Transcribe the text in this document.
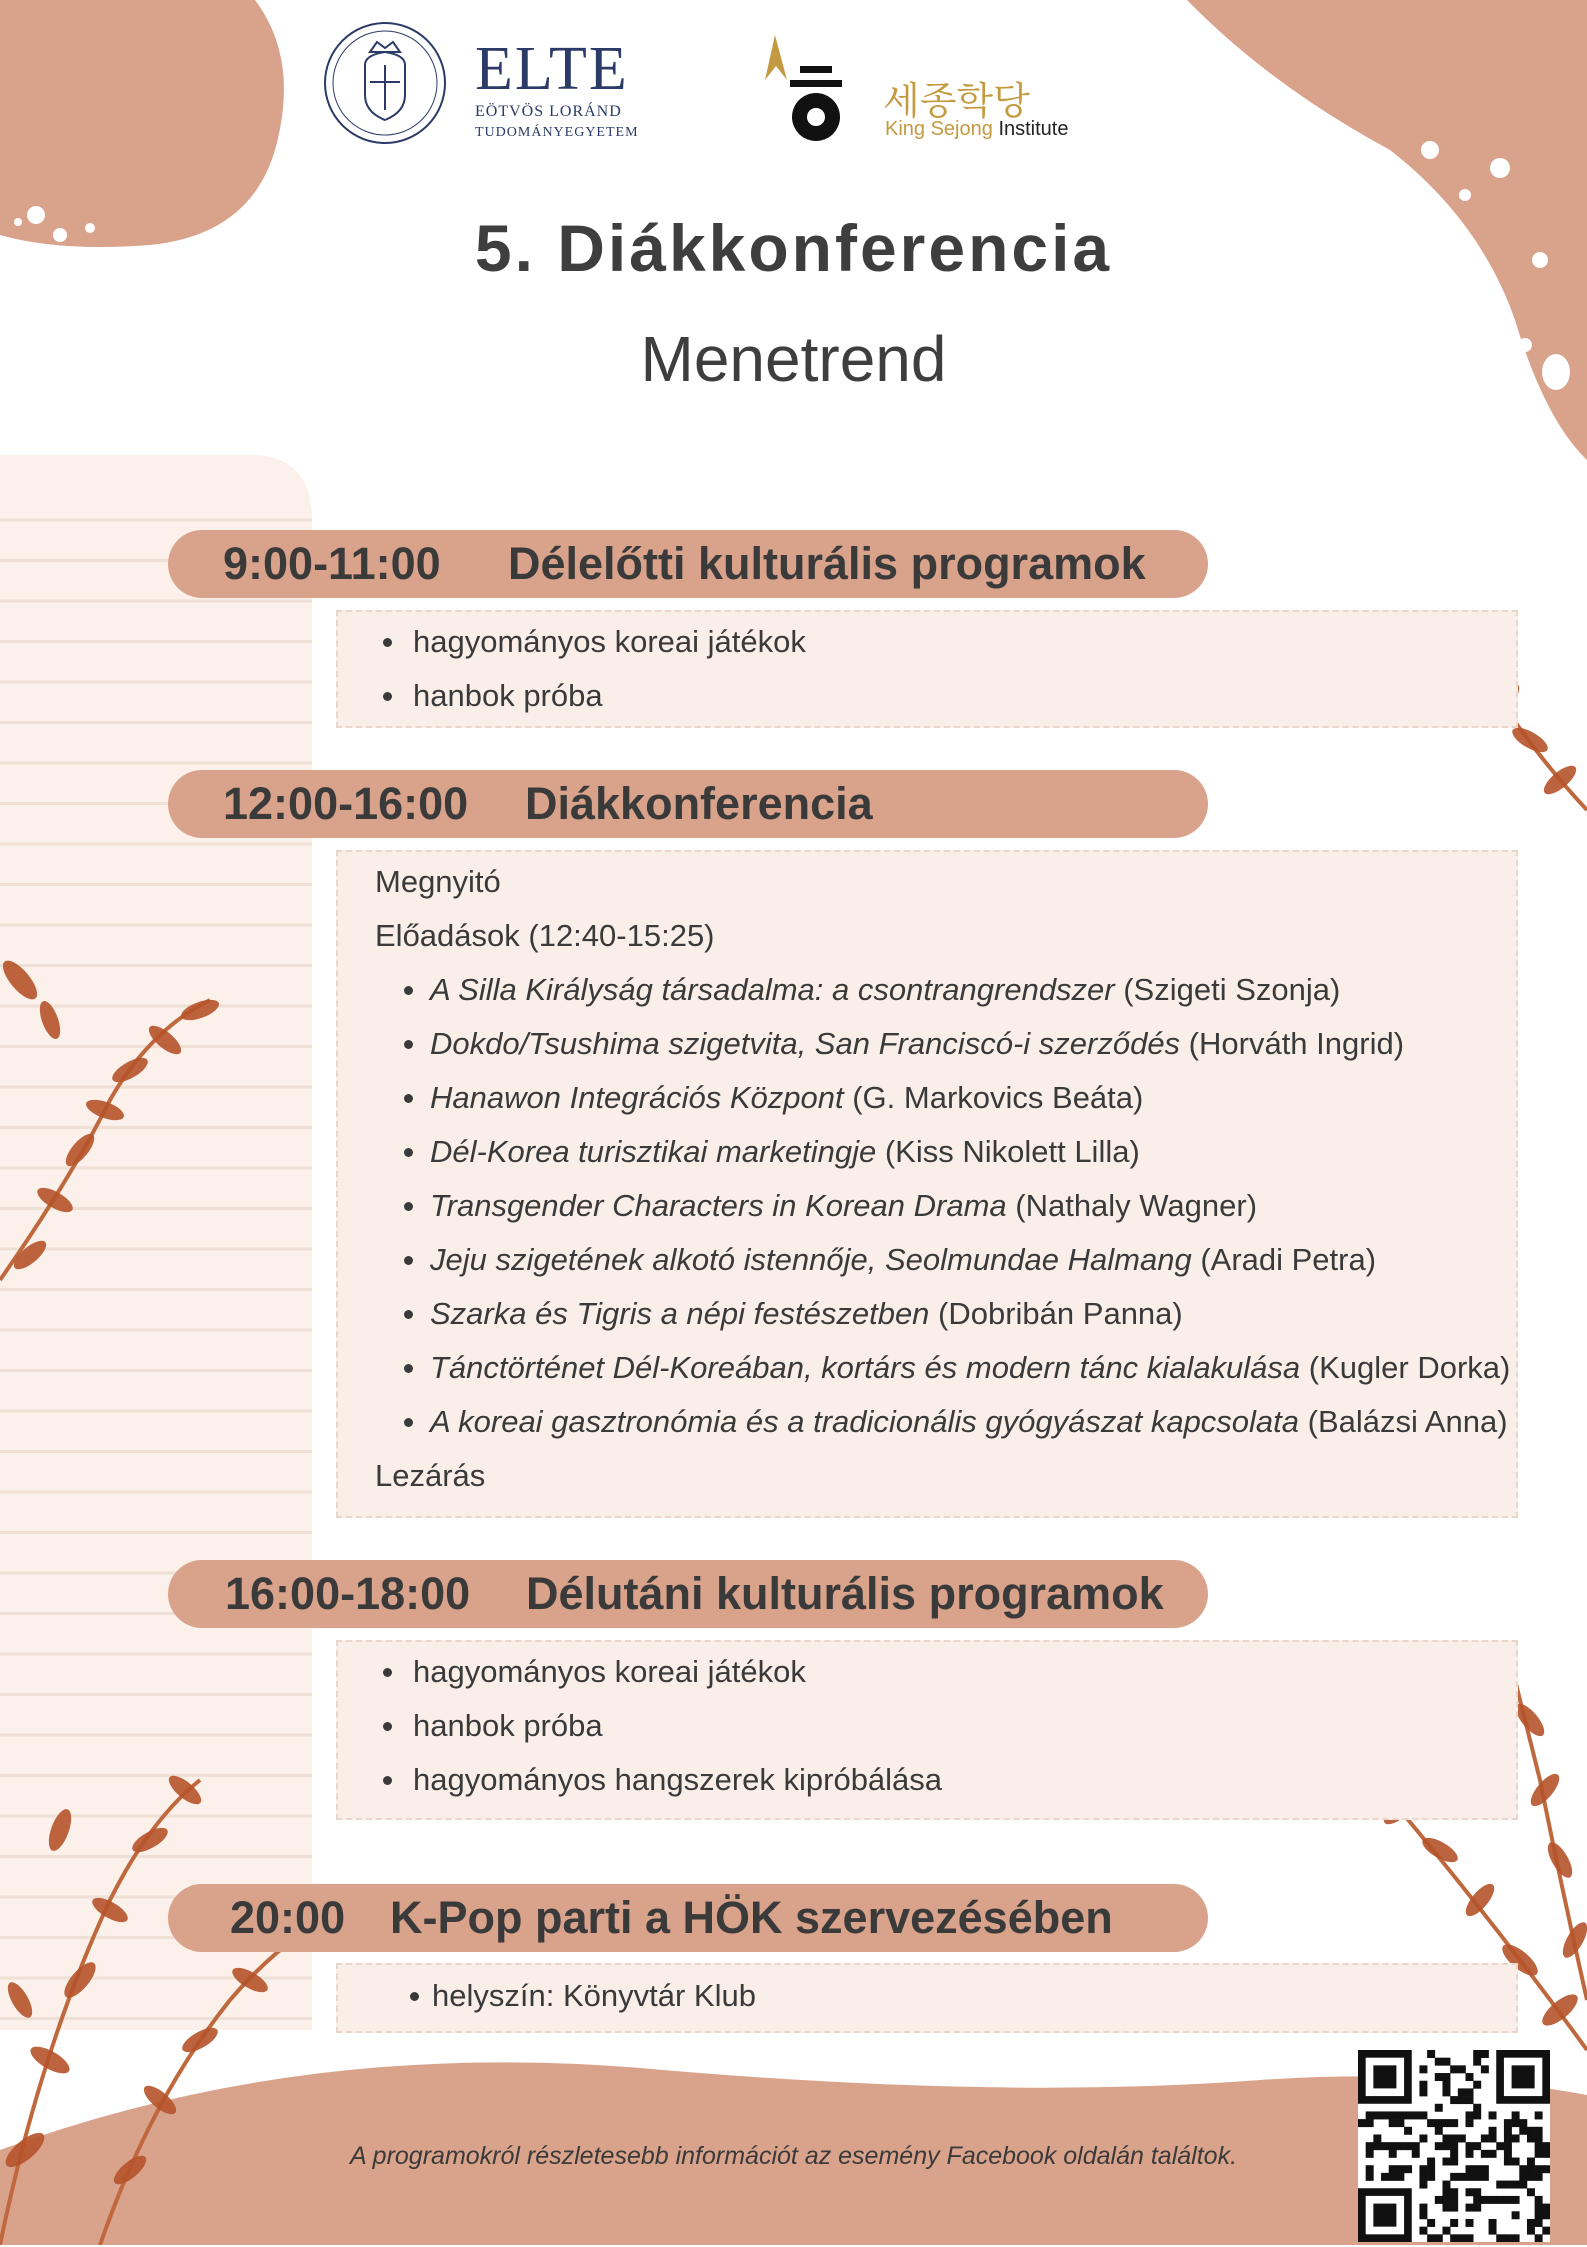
ELTE
EÖTVÖS LORÁND
TUDOMÁNYEGYETEM
세종학당
King Sejong Institute
5. Diákkonferencia
Menetrend
9:00-11:00 Délelőtti kulturális programok
hagyományos koreai játékok
hanbok próba
12:00-16:00 Diákkonferencia
Megnyitó
Előadások (12:40-15:25)
A Silla Királyság társadalma: a csontrangrendszer (Szigeti Szonja)
Dokdo/Tsushima szigetvita, San Franciscó-i szerződés (Horváth Ingrid)
Hanawon Integrációs Központ (G. Markovics Beáta)
Dél-Korea turisztikai marketingje (Kiss Nikolett Lilla)
Transgender Characters in Korean Drama (Nathaly Wagner)
Jeju szigetének alkotó istennője, Seolmundae Halmang (Aradi Petra)
Szarka és Tigris a népi festészetben (Dobribán Panna)
Tánctörténet Dél-Koreában, kortárs és modern tánc kialakulása (Kugler Dorka)
A koreai gasztronómia és a tradicionális gyógyászat kapcsolata (Balázsi Anna)
Lezárás
16:00-18:00 Délutáni kulturális programok
hagyományos koreai játékok
hanbok próba
hagyományos hangszerek kipróbálása
20:00 K-Pop parti a HÖK szervezésében
helyszín: Könyvtár Klub
A programokról részletesebb információt az esemény Facebook oldalán találtok.
